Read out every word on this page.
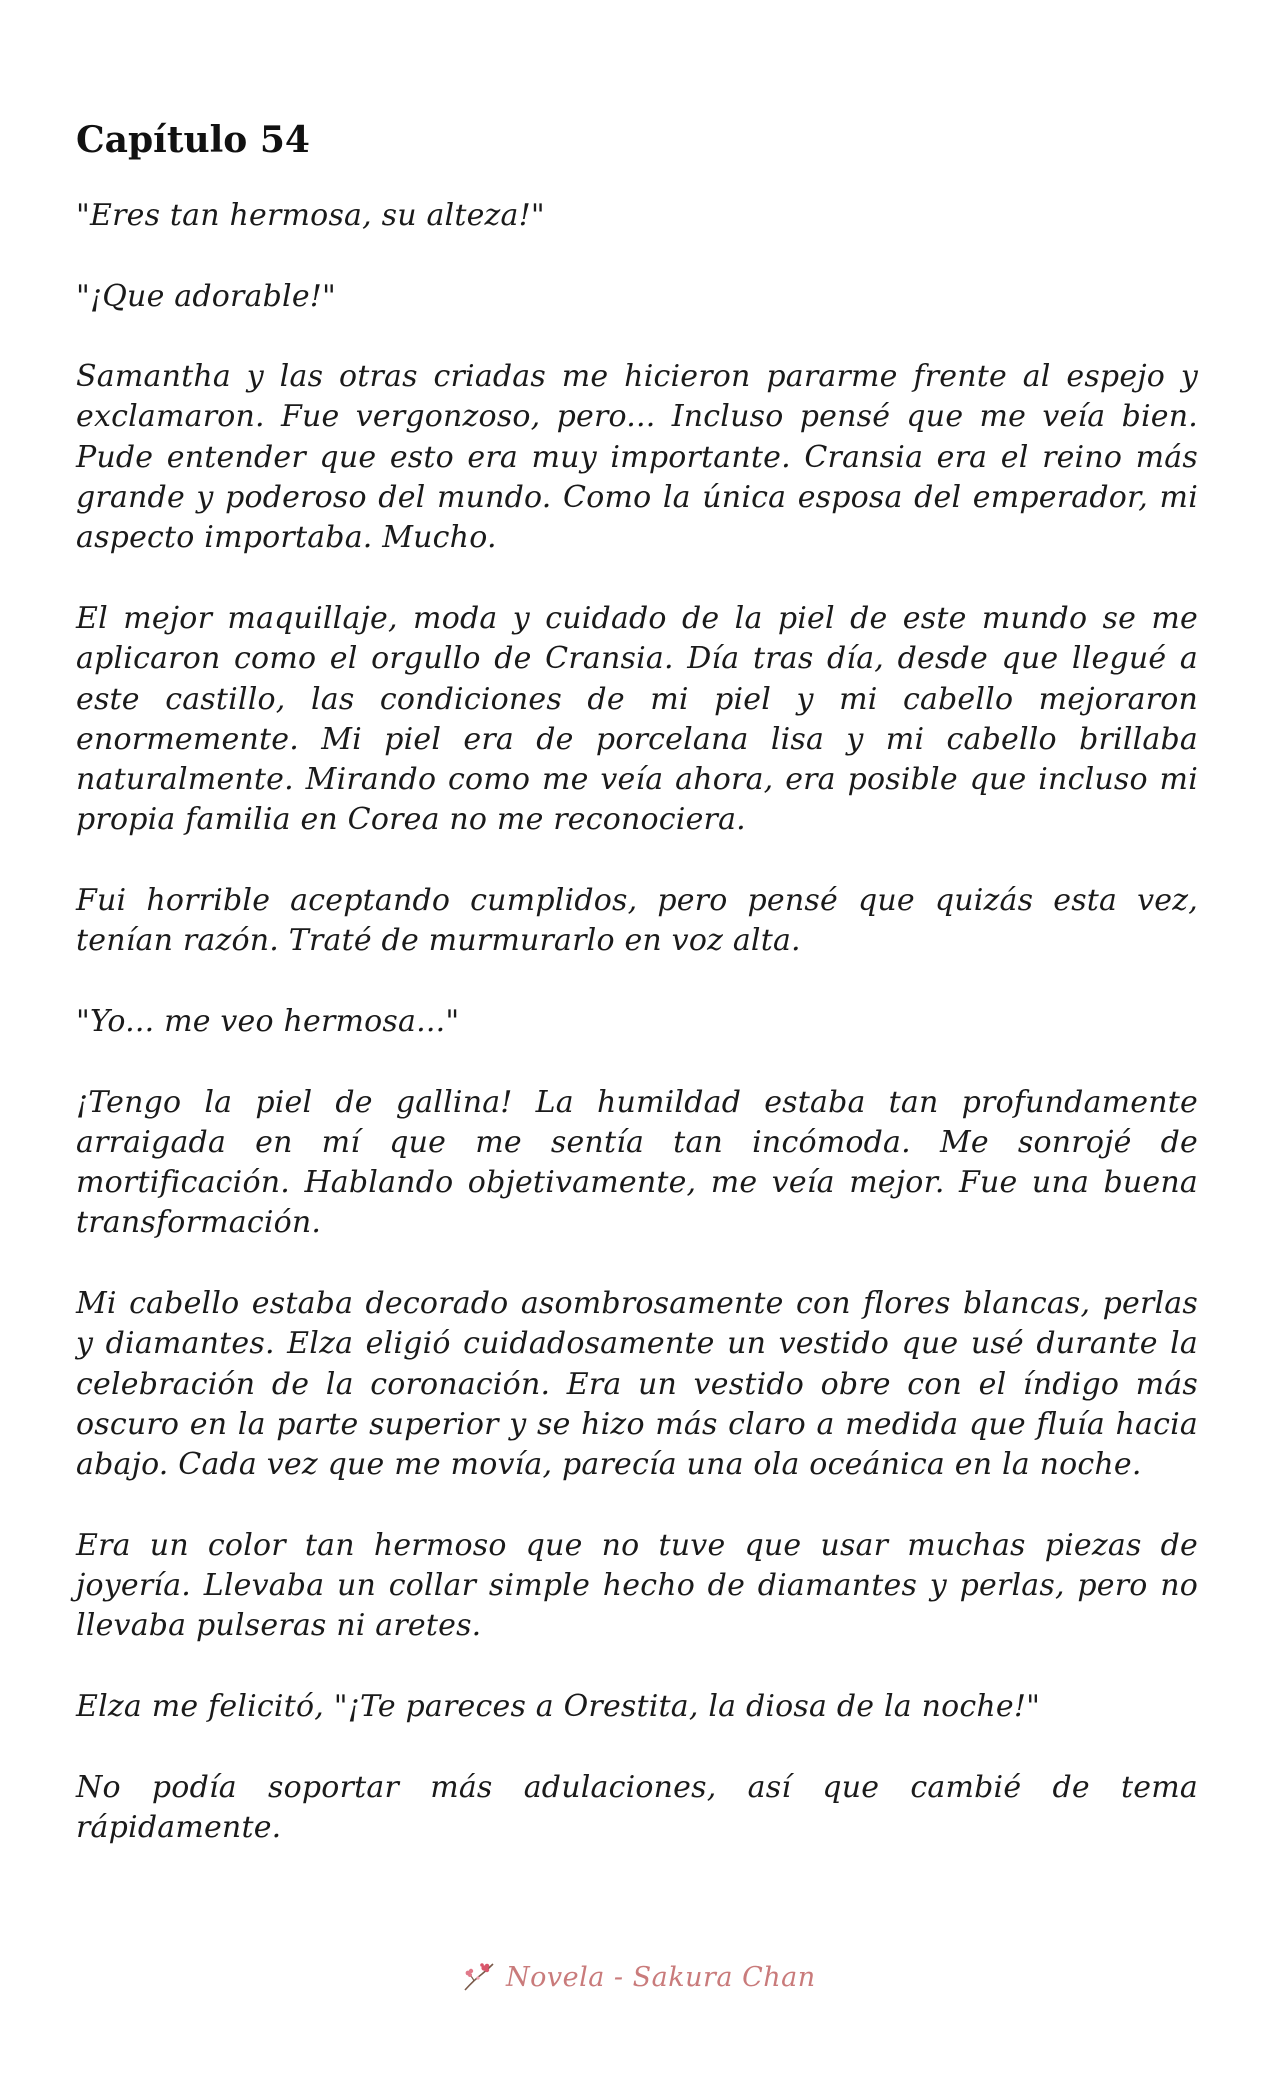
Capítulo 54

"Eres tan hermosa, su alteza!"

"¡Que adorable!"

Samantha y las otras criadas me hicieron pararme frente al espejo y exclamaron. Fue vergonzoso, pero... Incluso pensé que me veía bien. Pude entender que esto era muy importante. Cransia era el reino más grande y poderoso del mundo. Como la única esposa del emperador, mi aspecto importaba. Mucho.

El mejor maquillaje, moda y cuidado de la piel de este mundo se me aplicaron como el orgullo de Cransia. Día tras día, desde que llegué a este castillo, las condiciones de mi piel y mi cabello mejoraron enormemente. Mi piel era de porcelana lisa y mi cabello brillaba naturalmente. Mirando como me veía ahora, era posible que incluso mi propia familia en Corea no me reconociera.

Fui horrible aceptando cumplidos, pero pensé que quizás esta vez, tenían razón. Traté de murmurarlo en voz alta.

"Yo... me veo hermosa..."

¡Tengo la piel de gallina! La humildad estaba tan profundamente arraigada en mí que me sentía tan incómoda. Me sonrojé de mortificación. Hablando objetivamente, me veía mejor. Fue una buena transformación.

Mi cabello estaba decorado asombrosamente con flores blancas, perlas y diamantes. Elza eligió cuidadosamente un vestido que usé durante la celebración de la coronación. Era un vestido obre con el índigo más oscuro en la parte superior y se hizo más claro a medida que fluía hacia abajo. Cada vez que me movía, parecía una ola oceánica en la noche.

Era un color tan hermoso que no tuve que usar muchas piezas de joyería. Llevaba un collar simple hecho de diamantes y perlas, pero no llevaba pulseras ni aretes.

Elza me felicitó, "¡Te pareces a Orestita, la diosa de la noche!"

No podía soportar más adulaciones, así que cambié de tema rápidamente.

Novela - Sakura Chan
